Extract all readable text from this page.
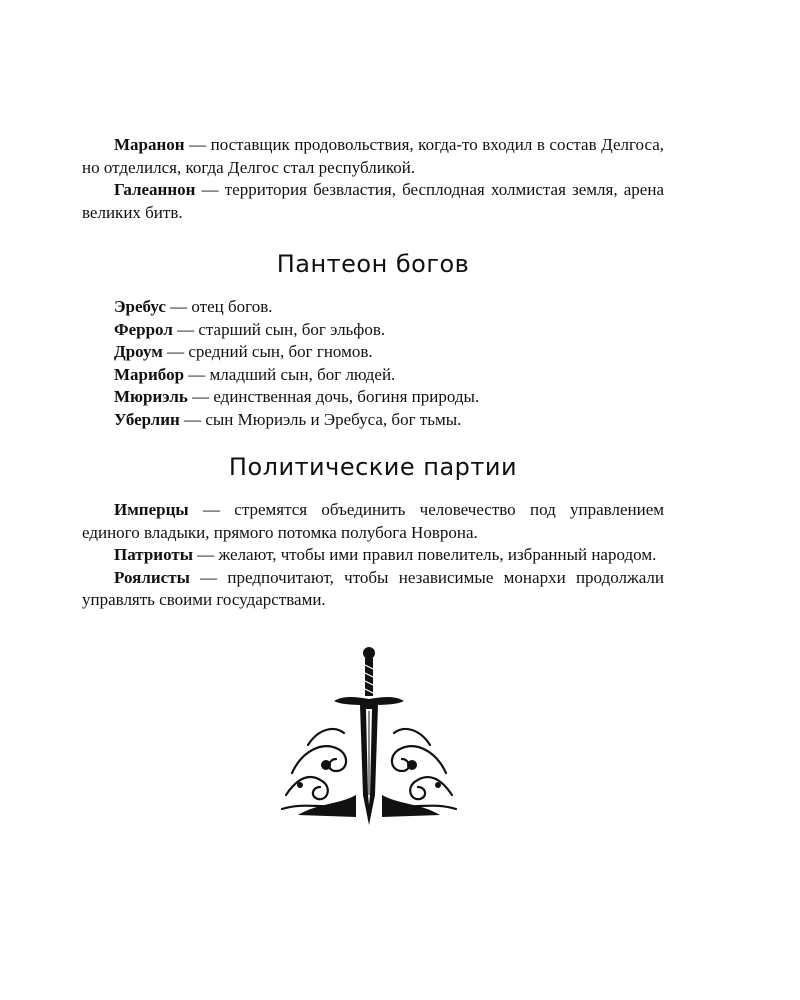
Маранон — поставщик продовольствия, когда-то входил в состав Делгоса, но отделился, когда Делгос стал республикой.

Галеаннон — территория безвластия, бесплодная холмистая земля, арена великих битв.

Пантеон богов

Эребус — отец богов.

Феррол — старший сын, бог эльфов.

Дроум — средний сын, бог гномов.

Марибор — младший сын, бог людей.

Мюриэль — единственная дочь, богиня природы.

Уберлин — сын Мюриэль и Эребуса, бог тьмы.

Политические партии

Имперцы — стремятся объединить человечество под управлением единого владыки, прямого потомка полубога Новрона.

Патриоты — желают, чтобы ими правил повелитель, избранный народом.

Роялисты — предпочитают, чтобы независимые монархи продолжали управлять своими государствами.
